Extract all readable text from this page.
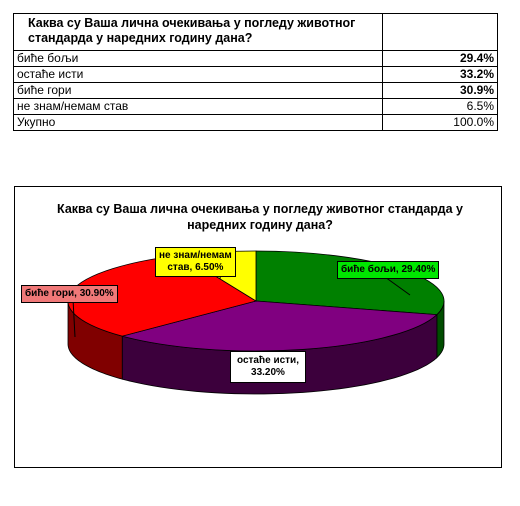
Каква су Ваша лична очекивања у погледу животног стандарда у наредних годину дана?	
биће бољи	29.4%
остаће исти	33.2%
биће гори	30.9%
не знам/немам став	6.5%
Укупно	100.0%

Каква су Ваша лична очекивања у погледу животног стандарда у наредних годину дана?

биће бољи, 29.40%
биће гори, 30.90%
не знам/немам
став, 6.50%
остаће исти,
33.20%
